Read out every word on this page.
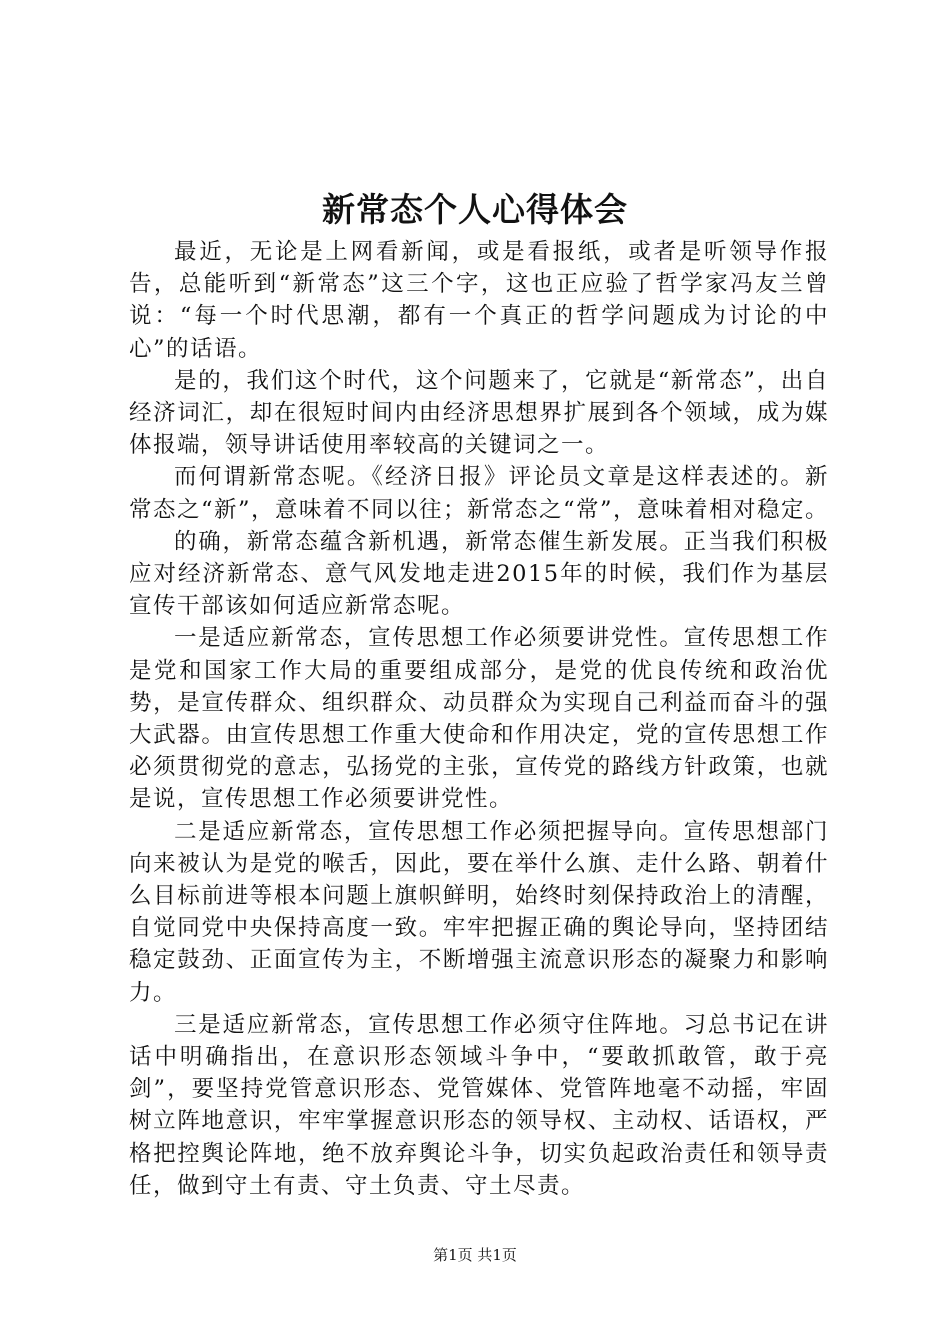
新常态个人心得体会

最近，无论是上网看新闻，或是看报纸，或者是听领导作报告，总能听到“新常态”这三个字，这也正应验了哲学家冯友兰曾说：“每一个时代思潮，都有一个真正的哲学问题成为讨论的中心”的话语。

是的，我们这个时代，这个问题来了，它就是“新常态”，出自经济词汇，却在很短时间内由经济思想界扩展到各个领域，成为媒体报端，领导讲话使用率较高的关键词之一。

而何谓新常态呢。《经济日报》评论员文章是这样表述的。新常态之“新”，意味着不同以往；新常态之“常”，意味着相对稳定。

的确，新常态蕴含新机遇，新常态催生新发展。正当我们积极应对经济新常态、意气风发地走进2015年的时候，我们作为基层宣传干部该如何适应新常态呢。

一是适应新常态，宣传思想工作必须要讲党性。宣传思想工作是党和国家工作大局的重要组成部分，是党的优良传统和政治优势，是宣传群众、组织群众、动员群众为实现自己利益而奋斗的强大武器。由宣传思想工作重大使命和作用决定，党的宣传思想工作必须贯彻党的意志，弘扬党的主张，宣传党的路线方针政策，也就是说，宣传思想工作必须要讲党性。

二是适应新常态，宣传思想工作必须把握导向。宣传思想部门向来被认为是党的喉舌，因此，要在举什么旗、走什么路、朝着什么目标前进等根本问题上旗帜鲜明，始终时刻保持政治上的清醒，自觉同党中央保持高度一致。牢牢把握正确的舆论导向，坚持团结稳定鼓劲、正面宣传为主，不断增强主流意识形态的凝聚力和影响力。

三是适应新常态，宣传思想工作必须守住阵地。习总书记在讲话中明确指出，在意识形态领域斗争中，“要敢抓敢管，敢于亮剑”，要坚持党管意识形态、党管媒体、党管阵地毫不动摇，牢固树立阵地意识，牢牢掌握意识形态的领导权、主动权、话语权，严格把控舆论阵地，绝不放弃舆论斗争，切实负起政治责任和领导责任，做到守土有责、守土负责、守土尽责。

第1页 共1页
